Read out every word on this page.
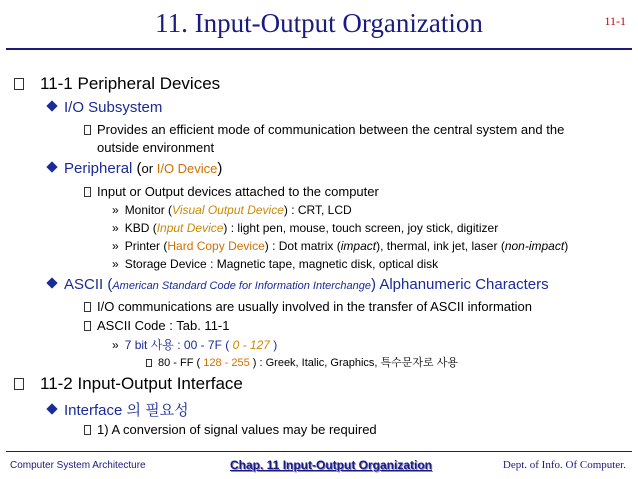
11. Input-Output Organization	11-1
11-1 Peripheral Devices
I/O Subsystem
Provides an efficient mode of communication between the central system and the
outside environment
Peripheral (or I/O Device)
Input or Output devices attached to the computer
» Monitor (Visual Output Device) : CRT, LCD
» KBD (Input Device) : light pen, mouse, touch screen, joy stick, digitizer
» Printer (Hard Copy Device) : Dot matrix (impact), thermal, ink jet, laser (non-impact)
» Storage Device : Magnetic tape, magnetic disk, optical disk
ASCII (American Standard Code for Information Interchange) Alphanumeric Characters
I/O communications are usually involved in the transfer of ASCII information
ASCII Code : Tab. 11-1
» 7 bit 사용 : 00 - 7F ( 0 - 127 )
80 - FF ( 128 - 255 ) : Greek, Italic, Graphics, 특수문자로 사용
11-2 Input-Output Interface
Interface 의 필요성
1) A conversion of signal values may be required
Computer System Architecture	Chap. 11 Input-Output Organization	Dept. of Info. Of Computer.
